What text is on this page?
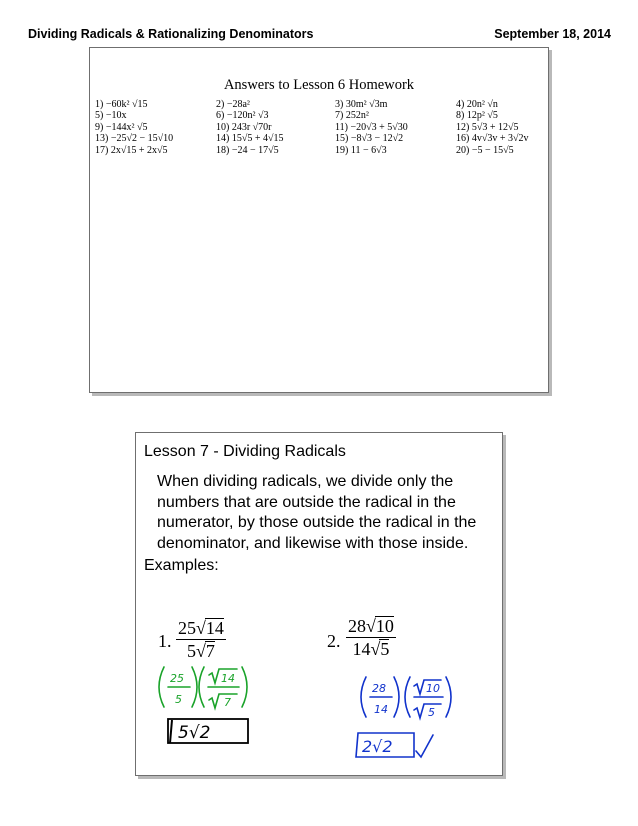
Dividing Radicals & Rationalizing Denominators	September 18, 2014
Answers to Lesson 6 Homework
1) −60k² √15	2) −28a²	3) 30m² √3m	4) 20n² √n
5) −10x	6) −120n² √3	7) 252n²	8) 12p² √5
9) −144x² √5	10) 243r √70r	11) −20√3 + 5√30	12) 5√3 + 12√5
13) −25√2 − 15√10	14) 15√5 + 4√15	15) −8√3 − 12√2	16) 4v√3v + 3√2v
17) 2x√15 + 2x√5	18) −24 − 17√5	19) 11 − 6√3	20) −5 − 15√5
Lesson 7 - Dividing Radicals
When dividing radicals, we divide only the numbers that are outside the radical in the numerator, by those outside the radical in the denominator, and likewise with those inside.
Examples:
1. $\frac{25√14}{5√7}$	2. $\frac{28√10}{14√5}$
25
5
14
7
5√2
28
14
10
5
2√2
